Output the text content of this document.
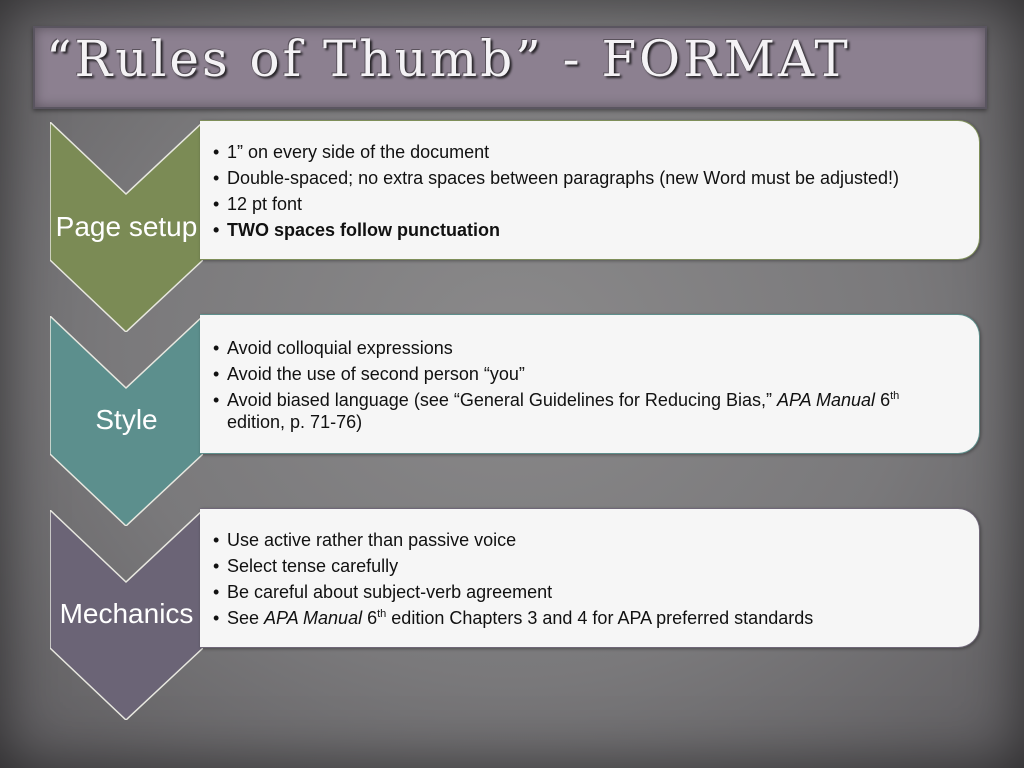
“Rules of Thumb” - FORMAT
Page setup
• 1” on every side of the document
• Double-spaced; no extra spaces between paragraphs (new Word must be adjusted!)
• 12 pt font
• TWO spaces follow punctuation
Style
• Avoid colloquial expressions
• Avoid the use of second person “you”
• Avoid biased language (see “General Guidelines for Reducing Bias,” APA Manual 6th edition, p. 71-76)
Mechanics
• Use active rather than passive voice
• Select tense carefully
• Be careful about subject-verb agreement
• See APA Manual 6th edition Chapters 3 and 4 for APA preferred standards
